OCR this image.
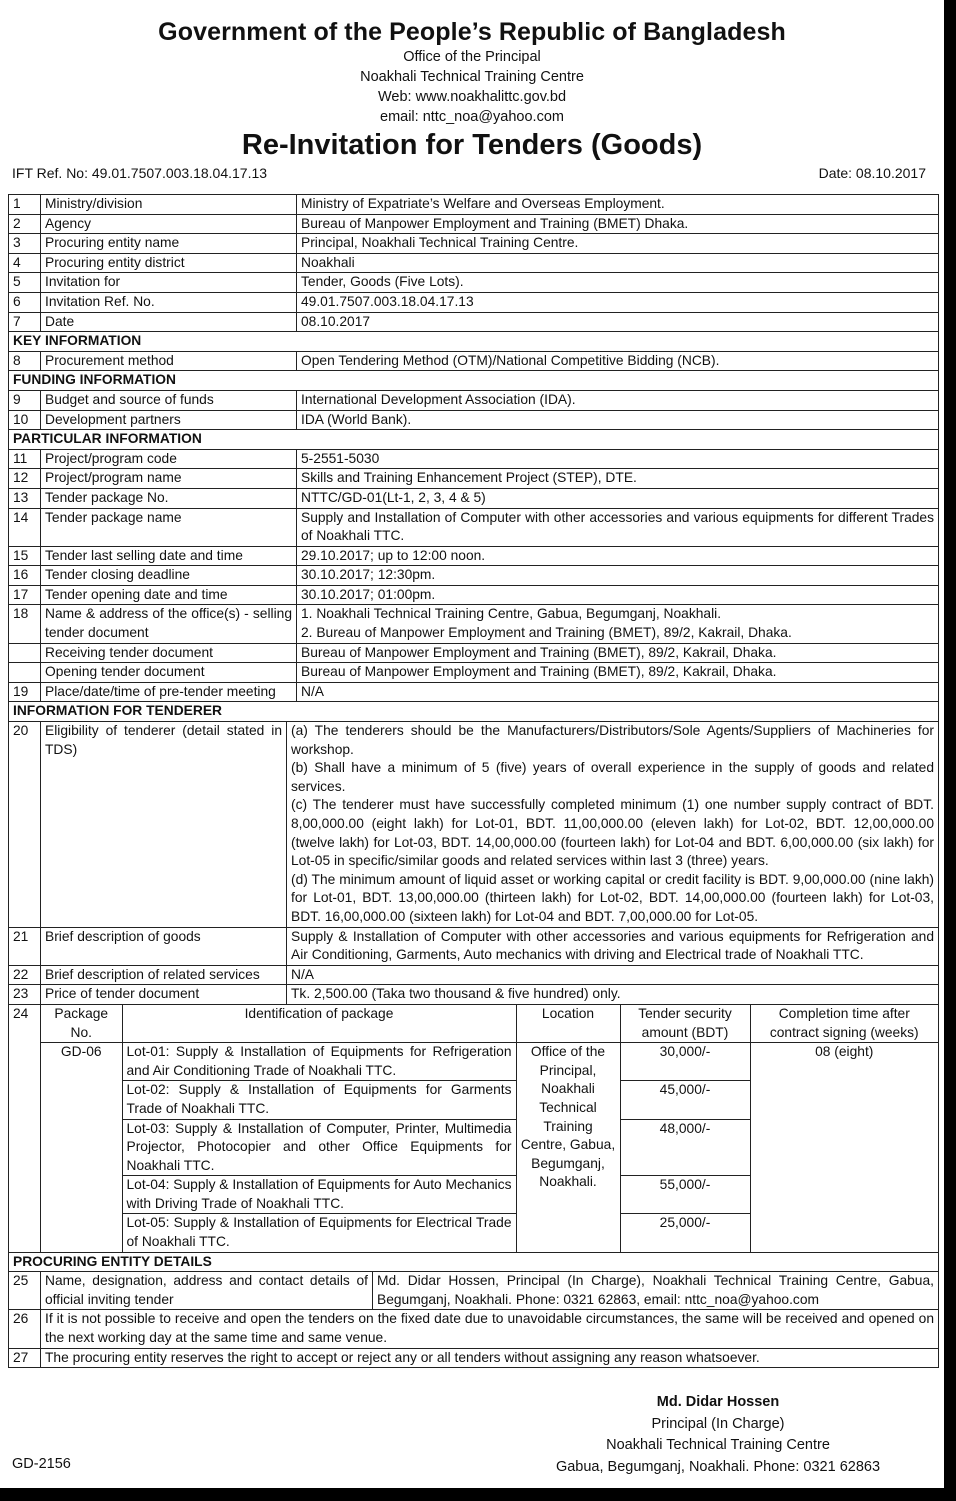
Government of the People’s Republic of Bangladesh
Office of the Principal
Noakhali Technical Training Centre
Web: www.noakhalittc.gov.bd
email: nttc_noa@yahoo.com
Re-Invitation for Tenders (Goods)
IFT Ref. No: 49.01.7507.003.18.04.17.13	Date: 08.10.2017
1	Ministry/division	Ministry of Expatriate’s Welfare and Overseas Employment.
2	Agency	Bureau of Manpower Employment and Training (BMET) Dhaka.
3	Procuring entity name	Principal, Noakhali Technical Training Centre.
4	Procuring entity district	Noakhali
5	Invitation for	Tender, Goods (Five Lots).
6	Invitation Ref. No.	49.01.7507.003.18.04.17.13
7	Date	08.10.2017
KEY INFORMATION
8	Procurement method	Open Tendering Method (OTM)/National Competitive Bidding (NCB).
FUNDING INFORMATION
9	Budget and source of funds	International Development Association (IDA).
10	Development partners	IDA (World Bank).
PARTICULAR INFORMATION
11	Project/program code	5-2551-5030
12	Project/program name	Skills and Training Enhancement Project (STEP), DTE.
13	Tender package No.	NTTC/GD-01(Lt-1, 2, 3, 4 & 5)
14	Tender package name	Supply and Installation of Computer with other accessories and various equipments for different Trades of Noakhali TTC.
15	Tender last selling date and time	29.10.2017; up to 12:00 noon.
16	Tender closing deadline	30.10.2017; 12:30pm.
17	Tender opening date and time	30.10.2017; 01:00pm.
18	Name & address of the office(s) - selling tender document	
1. Noakhali Technical Training Centre, Gabua, Begumganj, Noakhali.
2. Bureau of Manpower Employment and Training (BMET), 89/2, Kakrail, Dhaka.

	Receiving tender document	Bureau of Manpower Employment and Training (BMET), 89/2, Kakrail, Dhaka.
	Opening tender document	Bureau of Manpower Employment and Training (BMET), 89/2, Kakrail, Dhaka.
19	Place/date/time of pre-tender meeting	N/A
INFORMATION FOR TENDERER
20	Eligibility of tenderer (detail stated in TDS)	
(a) The tenderers should be the Manufacturers/Distributors/Sole Agents/Suppliers of Machineries for workshop.
(b) Shall have a minimum of 5 (five) years of overall experience in the supply of goods and related services.
(c) The tenderer must have successfully completed minimum (1) one number supply contract of BDT. 8,00,000.00 (eight lakh) for Lot-01, BDT. 11,00,000.00 (eleven lakh) for Lot-02, BDT. 12,00,000.00 (twelve lakh) for Lot-03, BDT. 14,00,000.00 (fourteen lakh) for Lot-04 and BDT. 6,00,000.00 (six lakh) for Lot-05 in specific/similar goods and related services within last 3 (three) years.
(d) The minimum amount of liquid asset or working capital or credit facility is BDT. 9,00,000.00 (nine lakh) for Lot-01, BDT. 13,00,000.00 (thirteen lakh) for Lot-02, BDT. 14,00,000.00 (fourteen lakh) for Lot-03, BDT. 16,00,000.00 (sixteen lakh) for Lot-04 and BDT. 7,00,000.00 for Lot-05.

21	Brief description of goods	Supply & Installation of Computer with other accessories and various equipments for Refrigeration and Air Conditioning, Garments, Auto mechanics with driving and Electrical trade of Noakhali TTC.
22	Brief description of related services	N/A
23	Price of tender document	Tk. 2,500.00 (Taka two thousand & five hundred) only.
24	Package No.	Identification of package	Location	Tender security amount (BDT)	Completion time after contract signing (weeks)
GD-06	Lot-01: Supply & Installation of Equipments for Refrigeration and Air Conditioning Trade of Noakhali TTC.	Office of the Principal, Noakhali Technical Training Centre, Gabua, Begumganj, Noakhali.	30,000/-	08 (eight)
Lot-02: Supply & Installation of Equipments for Garments Trade of Noakhali TTC.	45,000/-
Lot-03: Supply & Installation of Computer, Printer, Multimedia Projector, Photocopier and other Office Equipments for Noakhali TTC.	48,000/-
Lot-04: Supply & Installation of Equipments for Auto Mechanics with Driving Trade of Noakhali TTC.	55,000/-
Lot-05: Supply & Installation of Equipments for Electrical Trade of Noakhali TTC.	25,000/-

PROCURING ENTITY DETAILS
25	Name, designation, address and contact details of official inviting tender	Md. Didar Hossen, Principal (In Charge), Noakhali Technical Training Centre, Gabua, Begumganj, Noakhali. Phone: 0321 62863, email: nttc_noa@yahoo.com
26	If it is not possible to receive and open the tenders on the fixed date due to unavoidable circumstances, the same will be received and opened on the next working day at the same time and same venue.
27	The procuring entity reserves the right to accept or reject any or all tenders without assigning any reason whatsoever.
Md. Didar Hossen
Principal (In Charge)
Noakhali Technical Training Centre
Gabua, Begumganj, Noakhali. Phone: 0321 62863
GD-2156
